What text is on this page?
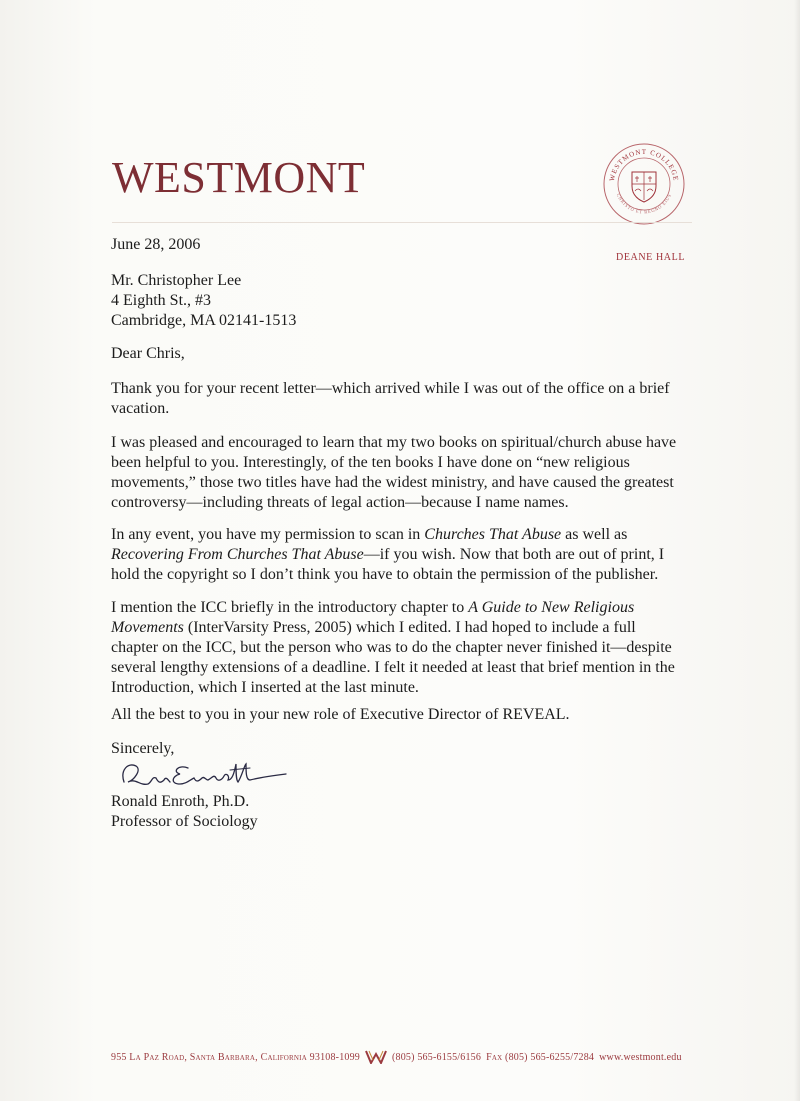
WESTMONT	WESTMONT COLLEGE
CHRISTO ET REGNO EIUS
DEANE HALL
June 28, 2006
Mr. Christopher Lee
4 Eighth St., #3
Cambridge, MA 02141-1513
Dear Chris,

Thank you for your recent letter—which arrived while I was out of the office on a brief
vacation.

I was pleased and encouraged to learn that my two books on spiritual/church abuse have
been helpful to you. Interestingly, of the ten books I have done on “new religious
movements,” those two titles have had the widest ministry, and have caused the greatest
controversy—including threats of legal action—because I name names.

In any event, you have my permission to scan in Churches That Abuse as well as
Recovering From Churches That Abuse—if you wish. Now that both are out of print, I
hold the copyright so I don’t think you have to obtain the permission of the publisher.

I mention the ICC briefly in the introductory chapter to A Guide to New Religious
Movements (InterVarsity Press, 2005) which I edited. I had hoped to include a full
chapter on the ICC, but the person who was to do the chapter never finished it—despite
several lengthy extensions of a deadline. I felt it needed at least that brief mention in the
Introduction, which I inserted at the last minute.

All the best to you in your new role of Executive Director of REVEAL.

Sincerely,
Ronald Enroth, Ph.D.
Professor of Sociology
955 La Paz Road, Santa Barbara, California 93108-1099	(805) 565-6155/6156 Fax (805) 565-6255/7284 www.westmont.edu
